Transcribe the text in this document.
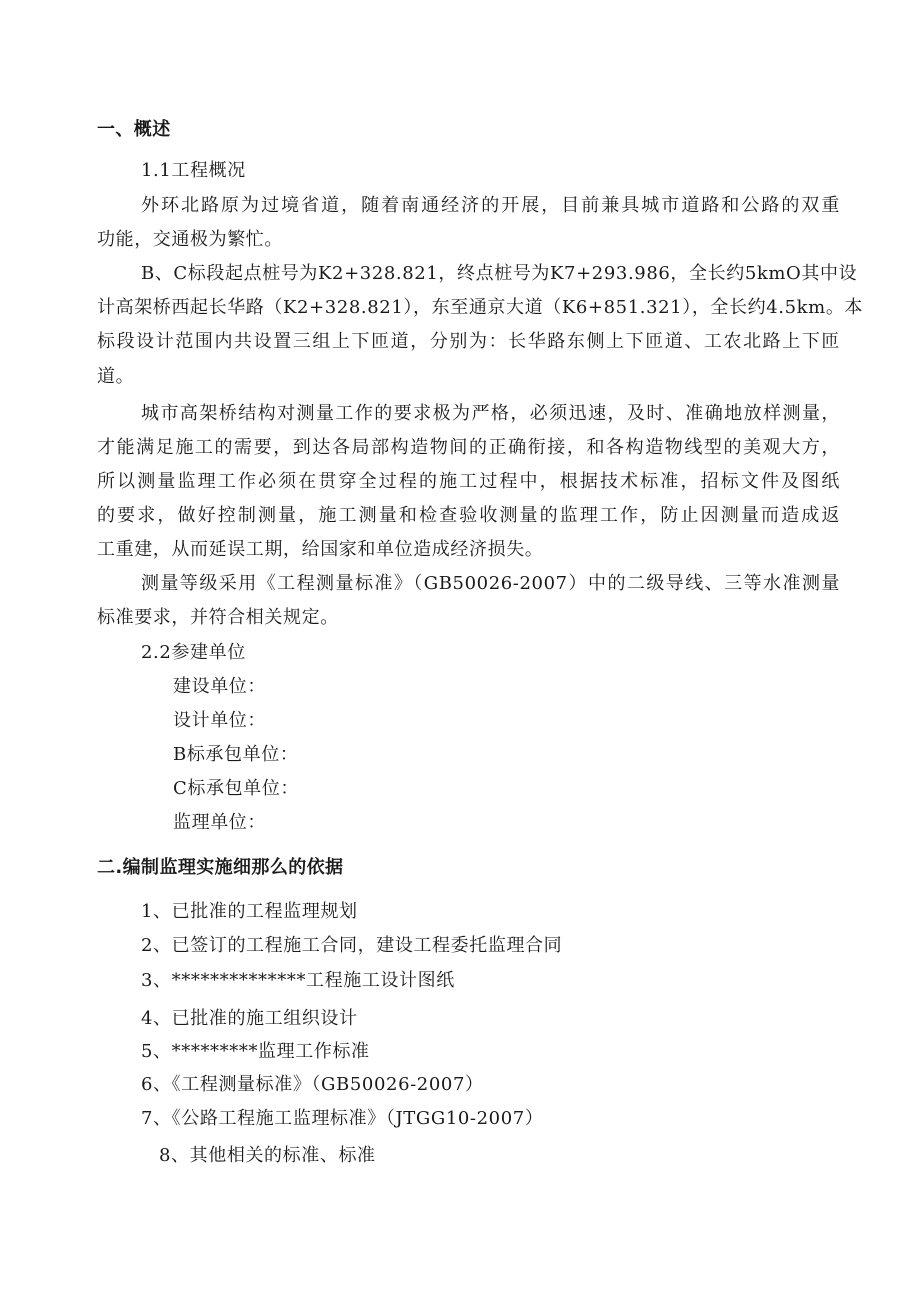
一、概述
1.1工程概况
外环北路原为过境省道，随着南通经济的开展，目前兼具城市道路和公路的双重
功能，交通极为繁忙。
B、C标段起点桩号为K2+328.821，终点桩号为K7+293.986，全长约5kmO其中设
计高架桥西起长华路（K2+328.821），东至通京大道（K6+851.321），全长约4.5km。本
标段设计范围内共设置三组上下匝道，分别为：长华路东侧上下匝道、工农北路上下匝
道。
城市高架桥结构对测量工作的要求极为严格，必须迅速，及时、准确地放样测量，
才能满足施工的需要，到达各局部构造物间的正确衔接，和各构造物线型的美观大方，
所以测量监理工作必须在贯穿全过程的施工过程中，根据技术标准，招标文件及图纸
的要求，做好控制测量，施工测量和检查验收测量的监理工作，防止因测量而造成返
工重建，从而延误工期，给国家和单位造成经济损失。
测量等级采用《工程测量标准》（GB50026-2007）中的二级导线、三等水准测量
标准要求，并符合相关规定。
2.2参建单位
建设单位：
设计单位：
B标承包单位：
C标承包单位：
监理单位：
二.编制监理实施细那么的依据
1、已批准的工程监理规划
2、已签订的工程施工合同，建设工程委托监理合同
3、**************工程施工设计图纸
4、已批准的施工组织设计
5、*********监理工作标准
6、《工程测量标准》（GB50026-2007）
7、《公路工程施工监理标准》（JTGG10-2007）
8、其他相关的标准、标准
